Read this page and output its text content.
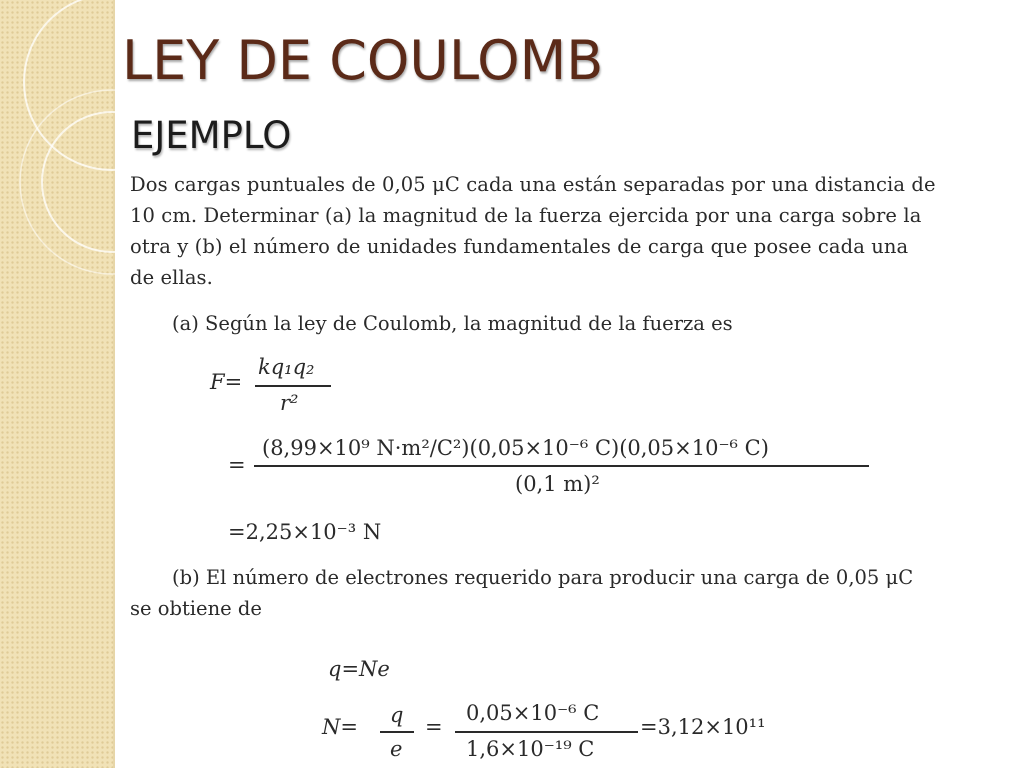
LEY DE COULOMB
EJEMPLO
Dos cargas puntuales de 0,05 μC cada una están separadas por una distancia de
10 cm. Determinar (a) la magnitud de la fuerza ejercida por una carga sobre la
otra y (b) el número de unidades fundamentales de carga que posee cada una
de ellas.
(a) Según la ley de Coulomb, la magnitud de la fuerza es
F=
kq₁q₂
r²
=
(8,99×10⁹ N·m²/C²)(0,05×10⁻⁶ C)(0,05×10⁻⁶ C)
(0,1 m)²
=2,25×10⁻³ N
(b) El número de electrones requerido para producir una carga de 0,05 μC
se obtiene de
q=Ne
N= q
e
=
0,05×10⁻⁶ C
1,6×10⁻¹⁹ C
=3,12×10¹¹
